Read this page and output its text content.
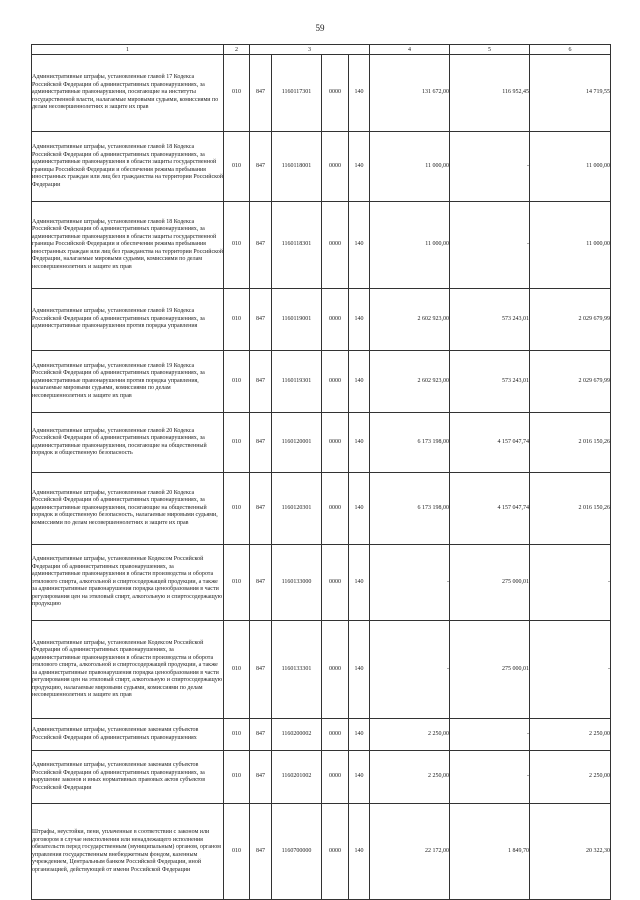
59
1	2	3				4	5	6
Административные штрафы, установленные главой 17 Кодекса Российской Федерации об административных правонарушениях, за административные правонарушения, посягающие на институты государственной власти, налагаемые мировыми судьями, комиссиями по делам несовершеннолетних и защите их прав	010	847	1160117301	0000	140	131 672,00	116 952,45	14 719,55
Административные штрафы, установленные главой 18 Кодекса Российской Федерации об административных правонарушениях, за административные правонарушения в области защиты государственной границы Российской Федерации и обеспечения режима пребывания иностранных граждан или лиц без гражданства на территории Российской Федерации	010	847	1160118001	0000	140	11 000,00	-	11 000,00
Административные штрафы, установленные главой 18 Кодекса Российской Федерации об административных правонарушениях, за административные правонарушения в области защиты государственной границы Российской Федерации и обеспечения режима пребывания иностранных граждан или лиц без гражданства на территории Российской Федерации, налагаемые мировыми судьями, комиссиями по делам несовершеннолетних и защите их прав	010	847	1160118301	0000	140	11 000,00	-	11 000,00
Административные штрафы, установленные главой 19 Кодекса Российской Федерации об административных правонарушениях, за административные правонарушения против порядка управления	010	847	1160119001	0000	140	2 602 923,00	573 243,01	2 029 679,99
Административные штрафы, установленные главой 19 Кодекса Российской Федерации об административных правонарушениях, за административные правонарушения против порядка управления, налагаемые мировыми судьями, комиссиями по делам несовершеннолетних и защите их прав	010	847	1160119301	0000	140	2 602 923,00	573 243,01	2 029 679,99
Административные штрафы, установленные главой 20 Кодекса Российской Федерации об административных правонарушениях, за административные правонарушения, посягающие на общественный порядок и общественную безопасность	010	847	1160120001	0000	140	6 173 198,00	4 157 047,74	2 016 150,26
Административные штрафы, установленные главой 20 Кодекса Российской Федерации об административных правонарушениях, за административные правонарушения, посягающие на общественный порядок и общественную безопасность, налагаемые мировыми судьями, комиссиями по делам несовершеннолетних и защите их прав	010	847	1160120301	0000	140	6 173 198,00	4 157 047,74	2 016 150,26
Административные штрафы, установленные Кодексом Российской Федерации об административных правонарушениях, за административные правонарушения в области производства и оборота этилового спирта, алкогольной и спиртосодержащей продукции, а также за административные правонарушения порядка ценообразования в части регулирования цен на этиловый спирт, алкогольную и спиртосодержащую продукцию	010	847	1160133000	0000	140	-	275 000,01	-
Административные штрафы, установленные Кодексом Российской Федерации об административных правонарушениях, за административные правонарушения в области производства и оборота этилового спирта, алкогольной и спиртосодержащей продукции, а также за административные правонарушения порядка ценообразования в части регулирования цен на этиловый спирт, алкогольную и спиртосодержащую продукцию, налагаемые мировыми судьями, комиссиями по делам несовершеннолетних и защите их прав	010	847	1160133301	0000	140	-	275 000,01	-
Административные штрафы, установленные законами субъектов Российской Федерации об административных правонарушениях	010	847	1160200002	0000	140	2 250,00	-	2 250,00
Административные штрафы, установленные законами субъектов Российской Федерации об административных правонарушениях, за нарушение законов и иных нормативных правовых актов субъектов Российской Федерации	010	847	1160201002	0000	140	2 250,00	-	2 250,00
Штрафы, неустойки, пени, уплаченные в соответствии с законом или договором в случае неисполнения или ненадлежащего исполнения обязательств перед государственным (муниципальным) органом, органом управления государственным внебюджетным фондом, казенным учреждением, Центральным банком Российской Федерации, иной организацией, действующей от имени Российской Федерации	010	847	1160700000	0000	140	22 172,00	1 849,70	20 322,30
